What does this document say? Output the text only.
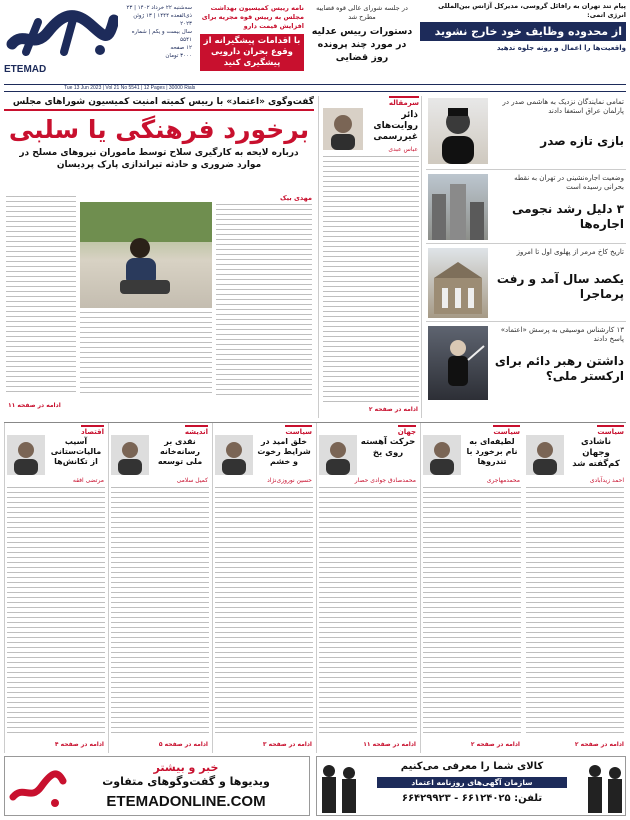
ETEMAD
سه‌شنبه ۲۲ خرداد ۱۴۰۲ | ۲۳ ذی‌القعده ۱۴۴۴ | ۱۳ ژوئن ۲۰۲۳
سال بیست و یکم | شماره ۵۵۴۱
۱۲ صفحه
۳۰۰۰ تومان
نامه رییس کمیسیون بهداشت مجلس به رییس قوه مجریه برای افزایش قیمت دارو
با اقدامات پیشگیرانه از وقوع بحران دارویی پیشگیری کنید
در جلسه شورای عالی قوه قضاییه مطرح شد
دستورات رییس عدلیه در مورد چند پرونده روز قضایی
پیام تند تهران به رافائل گروسی، مدیرکل آژانس بین‌المللی انرژی اتمی:
از محدوده وظایف خود خارج نشوید
واقعیت‌ها را اعمال و رونه جلوه ندهید
Tue 13 Jun 2023 | Vol 21 No 5541 | 12 Pages | 30000 Rials
تمامی نمایندگان نزدیک به هاشمی صدر در پارلمان عراق استعفا دادند
بازی تازه صدر
وضعیت اجاره‌نشینی در تهران به نقطه بحرانی رسیده است
۳ دلیل رشد نجومی اجاره‌ها
تاریخ کاخ مرمر از پهلوی اول تا امروز
یکصد سال آمد و رفت پرماجرا
۱۳ کارشناس موسیقی به پرسش «اعتماد» پاسخ دادند
داشتن رهبر دائم برای ارکستر ملی؟
سرمقاله
ذائر روایت‌های غیررسمی
عباس عبدی
ادامه در صفحه ۲
گفت‌وگوی «اعتماد» با رییس کمیته امنیت کمیسیون شوراهای مجلس
برخورد فرهنگی یا سلبی
درباره لایحه به کارگیری سلاح توسط ماموران نیروهای مسلح در موارد ضروری و حادثه تیراندازی پارک پردیسان
مهدی بیک
ادامه در صفحه ۱۱
سیاست
ناشادی وجهان کم‌گفته شد
احمد زیدآبادی
ادامه در صفحه ۲
سیاست
لطیفه‌ای به نام برخورد با تندروها
محمدمهاجری
ادامه در صفحه ۲
جهان
حرکت آهسته روی یخ
محمدصادق جوادی حصار
ادامه در صفحه ۱۱
سیاست
خلق امید در شرایط رخوت و خشم
حسین نوروزی‌نژاد
ادامه در صفحه ۳
اندیشه
نقدی بر رسانه‌خانه ملی توسعه
کمیل سلامی
ادامه در صفحه ۵
اقتصاد
آسیب مالیات‌ستانی از تکانش‌ها
مرتضی افقه
ادامه در صفحه ۴
خبر و بیشتر
ویدیوها و گفت‌وگوهای متفاوت
ETEMADONLINE.COM
کالای شما را معرفی می‌کنیم
سازمان آگهی‌های روزنامه اعتماد
تلفن: ۶۶۱۲۴۰۲۵ - ۶۶۴۲۹۹۲۳
